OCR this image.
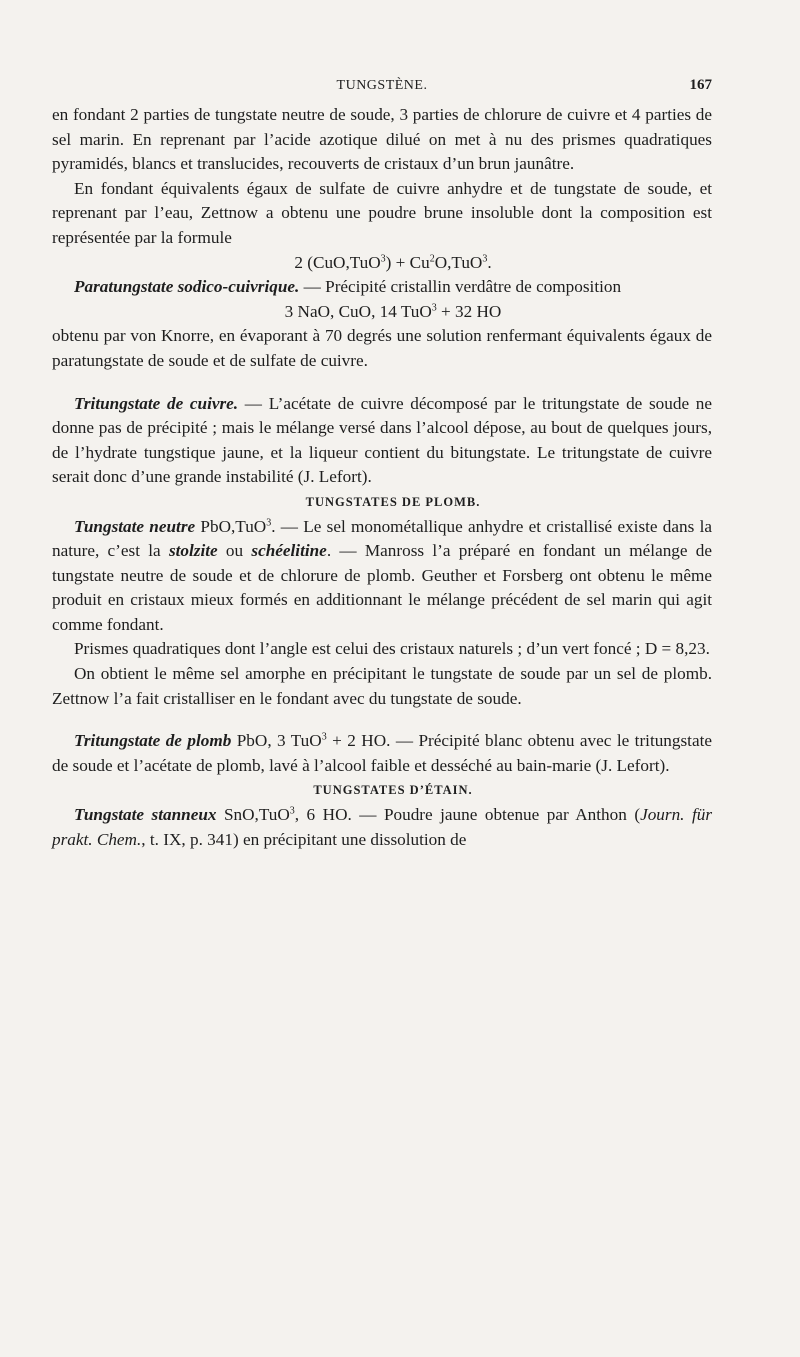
TUNGSTÈNE.	167

en fondant 2 parties de tungstate neutre de soude, 3 parties de chlorure de cuivre et 4 parties de sel marin. En reprenant par l’acide azotique dilué on met à nu des prismes quadratiques pyramidés, blancs et translucides, recouverts de cristaux d’un brun jaunâtre.

En fondant équivalents égaux de sulfate de cuivre anhydre et de tungstate de soude, et reprenant par l’eau, Zettnow a obtenu une poudre brune insoluble dont la composition est représentée par la formule

2 $(CuO,TuO^3) + Cu^2O,TuO^3$.

Paratungstate sodico-cuivrique. — Précipité cristallin verdâtre de composition

3 NaO, CuO, 14 TuO$^3$ + 32 HO

obtenu par von Knorre, en évaporant à 70 degrés une solution renfermant équivalents égaux de paratungstate de soude et de sulfate de cuivre.

Tritungstate de cuivre. — L’acétate de cuivre décomposé par le tritungstate de soude ne donne pas de précipité ; mais le mélange versé dans l’alcool dépose, au bout de quelques jours, de l’hydrate tungstique jaune, et la liqueur contient du bitungstate. Le tritungstate de cuivre serait donc d’une grande instabilité (J. Lefort).

TUNGSTATES DE PLOMB.

Tungstate neutre PbO,TuO$^3$. — Le sel monométallique anhydre et cristallisé existe dans la nature, c’est la stolzite ou schéelitine. — Manross l’a préparé en fondant un mélange de tungstate neutre de soude et de chlorure de plomb. Geuther et Forsberg ont obtenu le même produit en cristaux mieux formés en additionnant le mélange précédent de sel marin qui agit comme fondant.

Prismes quadratiques dont l’angle est celui des cristaux naturels ; d’un vert foncé ; D = 8,23.

On obtient le même sel amorphe en précipitant le tungstate de soude par un sel de plomb. Zettnow l’a fait cristalliser en le fondant avec du tungstate de soude.

Tritungstate de plomb PbO, 3 TuO$^3$ + 2 HO. — Précipité blanc obtenu avec le tritungstate de soude et l’acétate de plomb, lavé à l’alcool faible et desséché au bain-marie (J. Lefort).

TUNGSTATES D’ÉTAIN.

Tungstate stanneux SnO,TuO$^3$, 6 HO. — Poudre jaune obtenue par Anthon (Journ. für prakt. Chem., t. IX, p. 341) en précipitant une dissolution de
